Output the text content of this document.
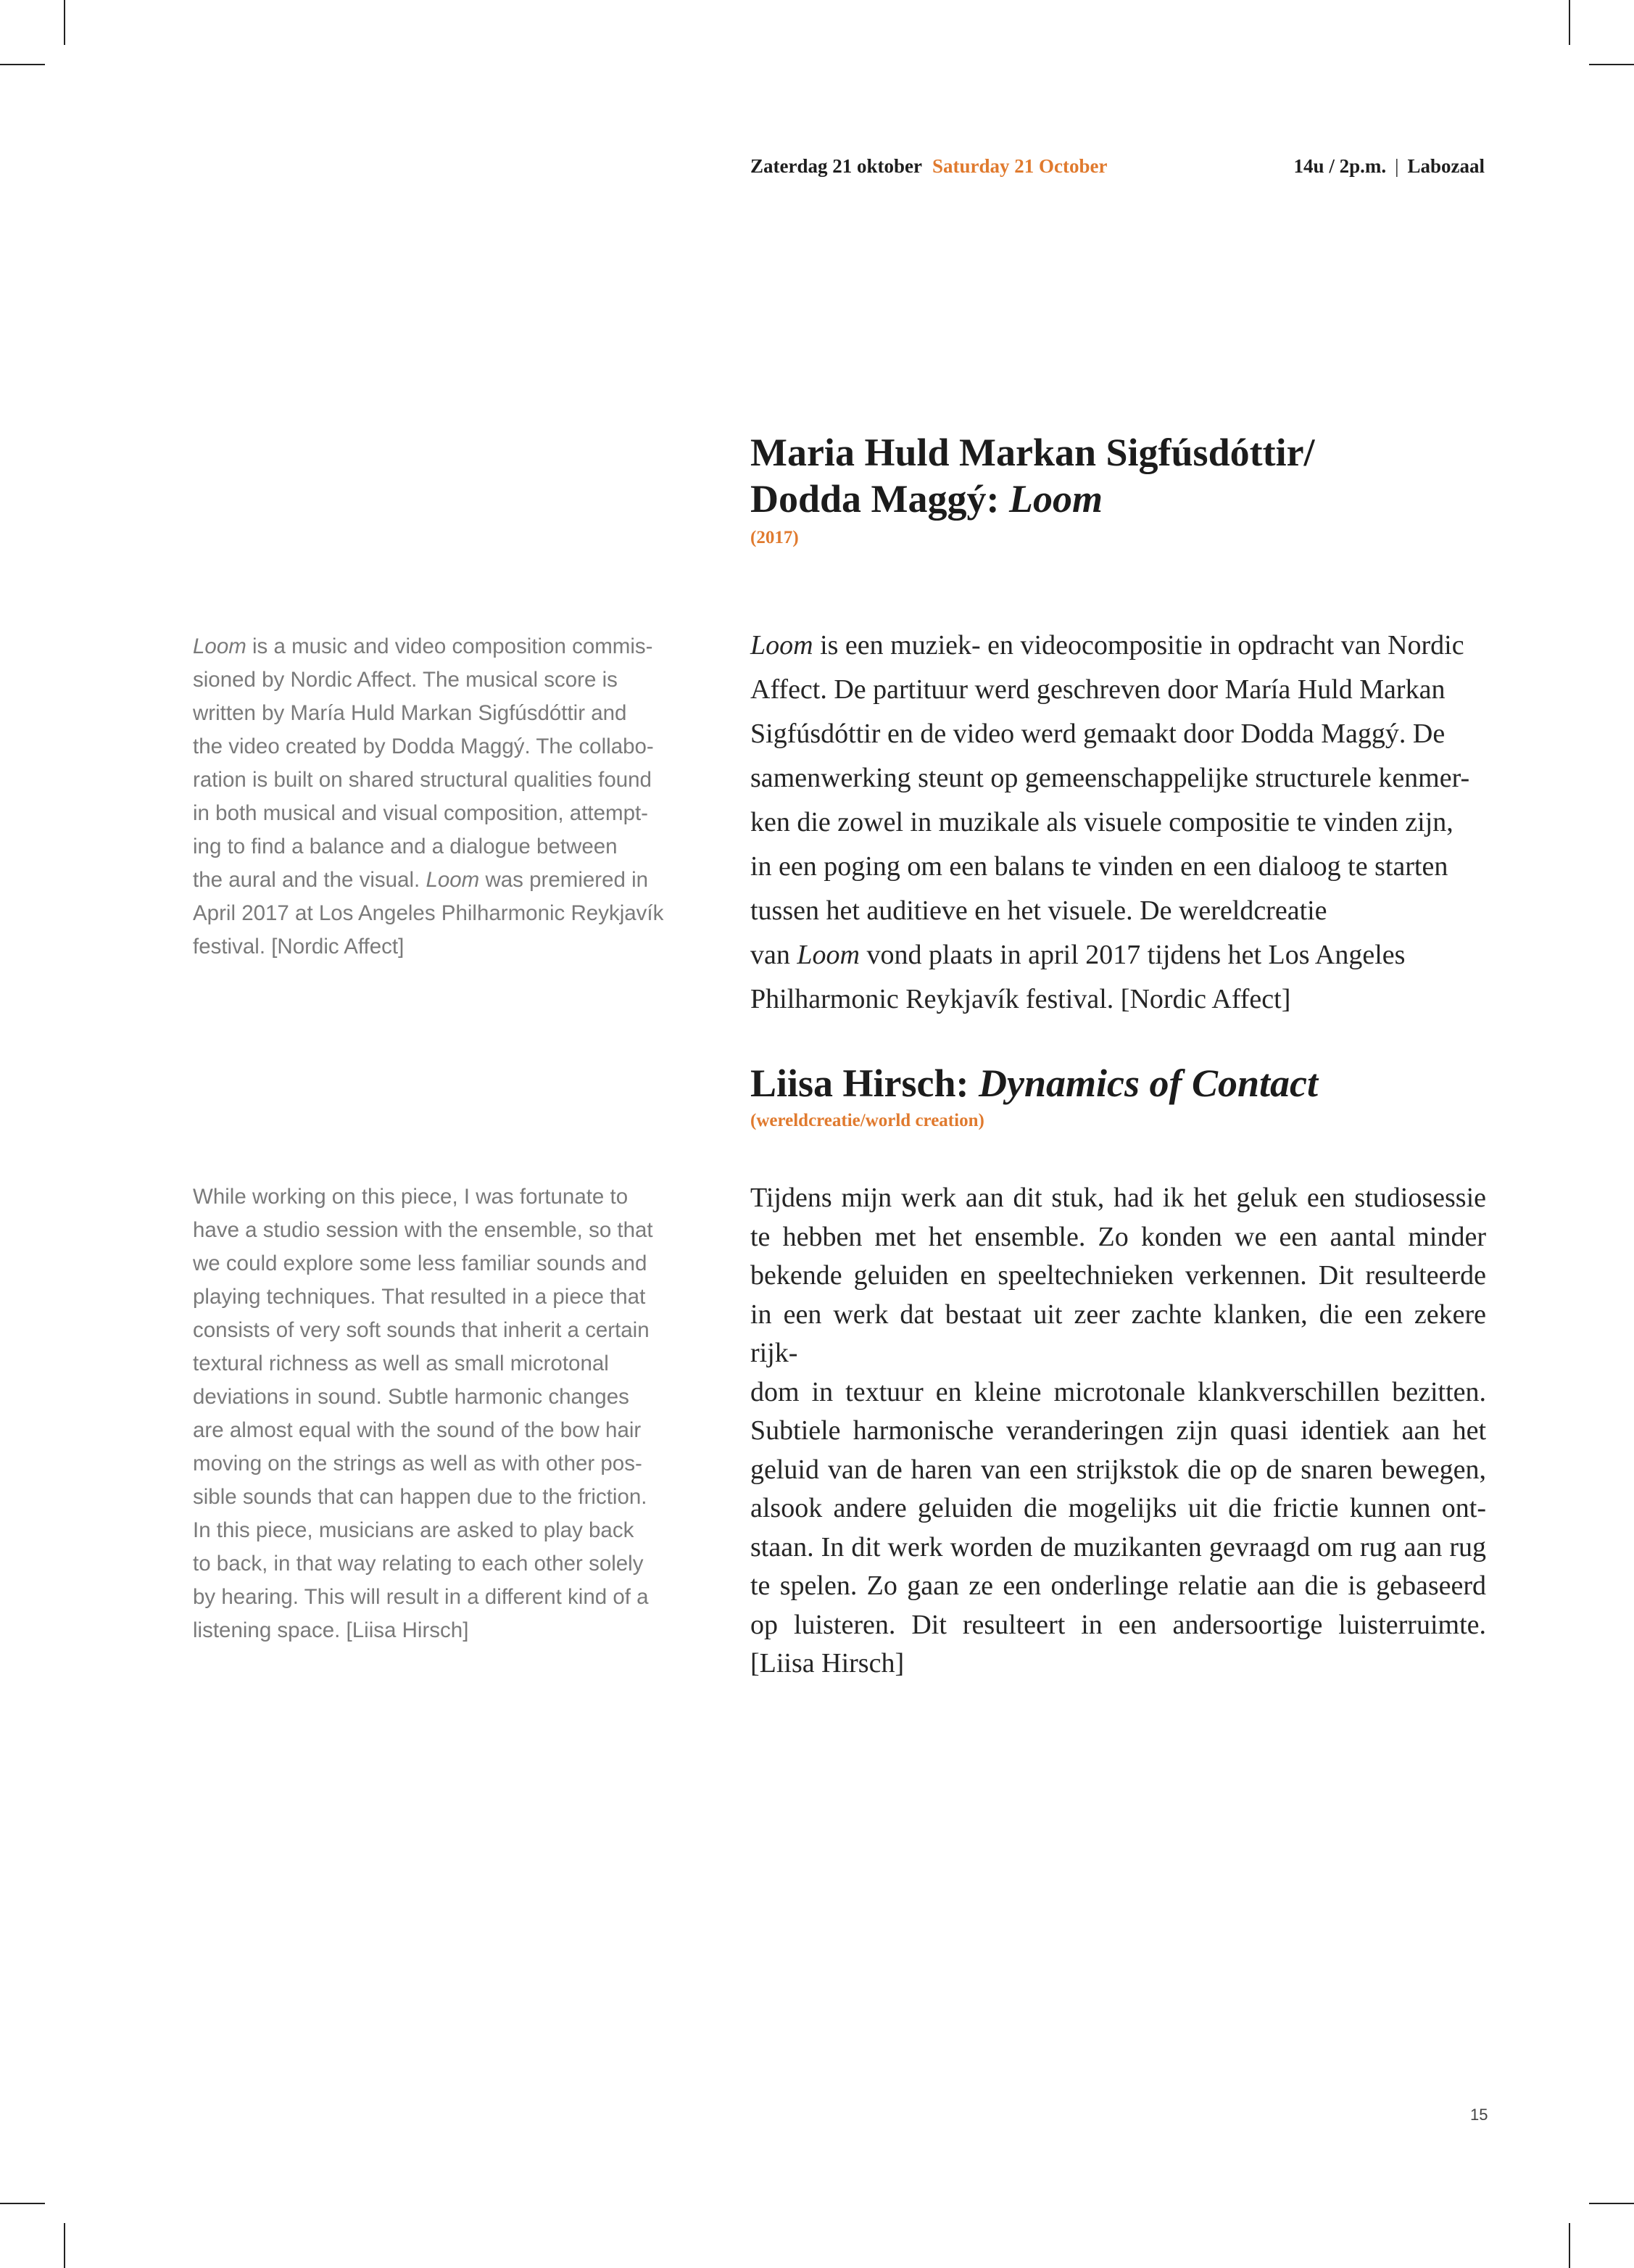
Zaterdag 21 oktober Saturday 21 October	14u / 2p.m. | Labozaal
Maria Huld Markan Sigfúsdóttir/
Dodda Maggý: Loom
(2017)
Loom is a music and video composition commis-
sioned by Nordic Affect. The musical score is
written by María Huld Markan Sigfúsdóttir and
the video created by Dodda Maggý. The collabo-
ration is built on shared structural qualities found
in both musical and visual composition, attempt-
ing to find a balance and a dialogue between
the aural and the visual. Loom was premiered in
April 2017 at Los Angeles Philharmonic Reykjavík
festival. [Nordic Affect]
Loom is een muziek- en videocompositie in opdracht van Nordic
Affect. De partituur werd geschreven door María Huld Markan
Sigfúsdóttir en de video werd gemaakt door Dodda Maggý. De
samenwerking steunt op gemeenschappelijke structurele kenmer-
ken die zowel in muzikale als visuele compositie te vinden zijn,
in een poging om een balans te vinden en een dialoog te starten
tussen het auditieve en het visuele. De wereldcreatie
van Loom vond plaats in april 2017 tijdens het Los Angeles
Philharmonic Reykjavík festival. [Nordic Affect]
Liisa Hirsch: Dynamics of Contact
(wereldcreatie/world creation)
While working on this piece, I was fortunate to
have a studio session with the ensemble, so that
we could explore some less familiar sounds and
playing techniques. That resulted in a piece that
consists of very soft sounds that inherit a certain
textural richness as well as small microtonal
deviations in sound. Subtle harmonic changes
are almost equal with the sound of the bow hair
moving on the strings as well as with other pos-
sible sounds that can happen due to the friction.
In this piece, musicians are asked to play back
to back, in that way relating to each other solely
by hearing. This will result in a different kind of a
listening space. [Liisa Hirsch]
Tijdens mijn werk aan dit stuk, had ik het geluk een studiosessie
te hebben met het ensemble. Zo konden we een aantal minder
bekende geluiden en speeltechnieken verkennen. Dit resulteerde
in een werk dat bestaat uit zeer zachte klanken, die een zekere rijk-
dom in textuur en kleine microtonale klankverschillen bezitten.
Subtiele harmonische veranderingen zijn quasi identiek aan het
geluid van de haren van een strijkstok die op de snaren bewegen,
alsook andere geluiden die mogelijks uit die frictie kunnen ont-
staan. In dit werk worden de muzikanten gevraagd om rug aan rug
te spelen. Zo gaan ze een onderlinge relatie aan die is gebaseerd
op luisteren. Dit resulteert in een andersoortige luisterruimte.
[Liisa Hirsch]
15
